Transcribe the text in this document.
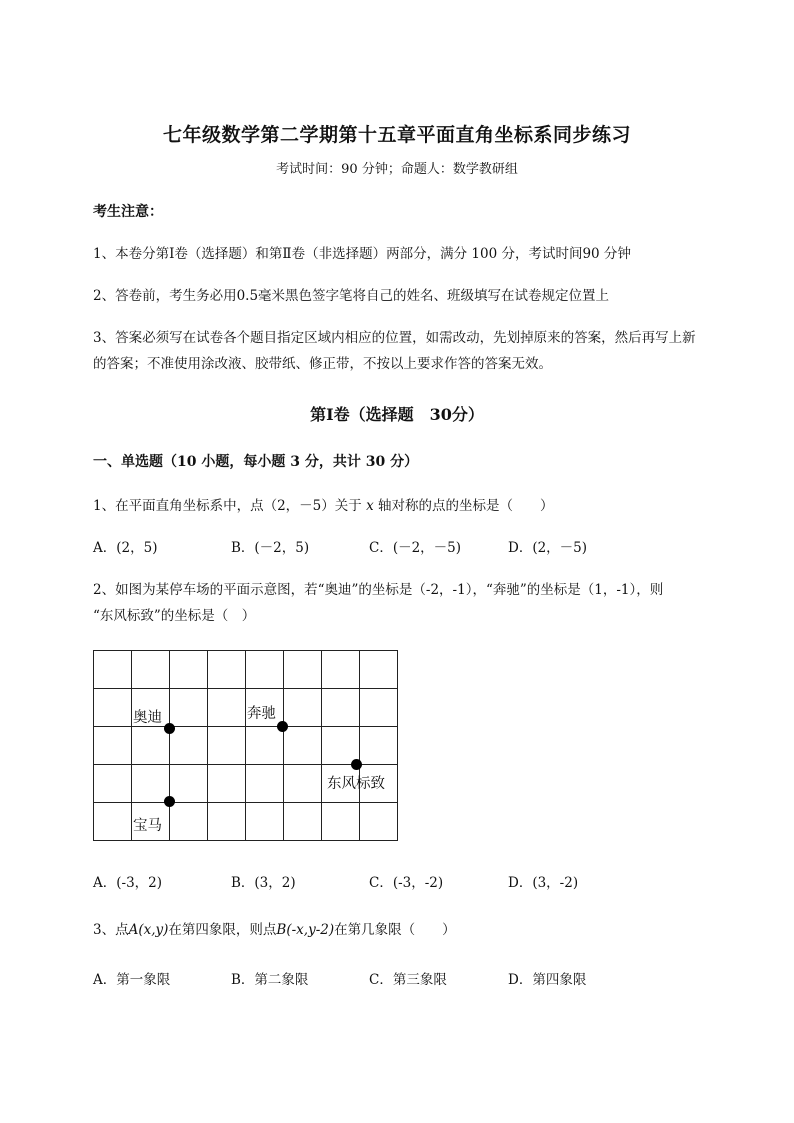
七年级数学第二学期第十五章平面直角坐标系同步练习
考试时间：90 分钟；命题人：数学教研组
考生注意：
1、本卷分第Ⅰ卷（选择题）和第Ⅱ卷（非选择题）两部分，满分 100 分，考试时间90 分钟
2、答卷前，考生务必用0.5毫米黑色签字笔将自己的姓名、班级填写在试卷规定位置上
3、答案必须写在试卷各个题目指定区域内相应的位置，如需改动，先划掉原来的答案，然后再写上新
的答案；不准使用涂改液、胶带纸、修正带，不按以上要求作答的答案无效。
第Ⅰ卷（选择题　30分）
一、单选题（10 小题，每小题 3 分，共计 30 分）
1、在平面直角坐标系中，点（2，－5）关于 x 轴对称的点的坐标是（　　）
A．(2，5)	B．(－2，5)	C．(－2，－5)	D．(2，－5)
2、如图为某停车场的平面示意图，若“奥迪”的坐标是（-2，-1），“奔驰”的坐标是（1，-1），则
“东风标致”的坐标是（　）
奥迪	奔驰
东风标致
宝马
A．(-3，2)	B．(3，2)	C．(-3，-2)	D．(3，-2)
3、点A(x,y)在第四象限，则点B(-x,y-2)在第几象限（　　）
A．第一象限	B．第二象限	C．第三象限	D．第四象限
